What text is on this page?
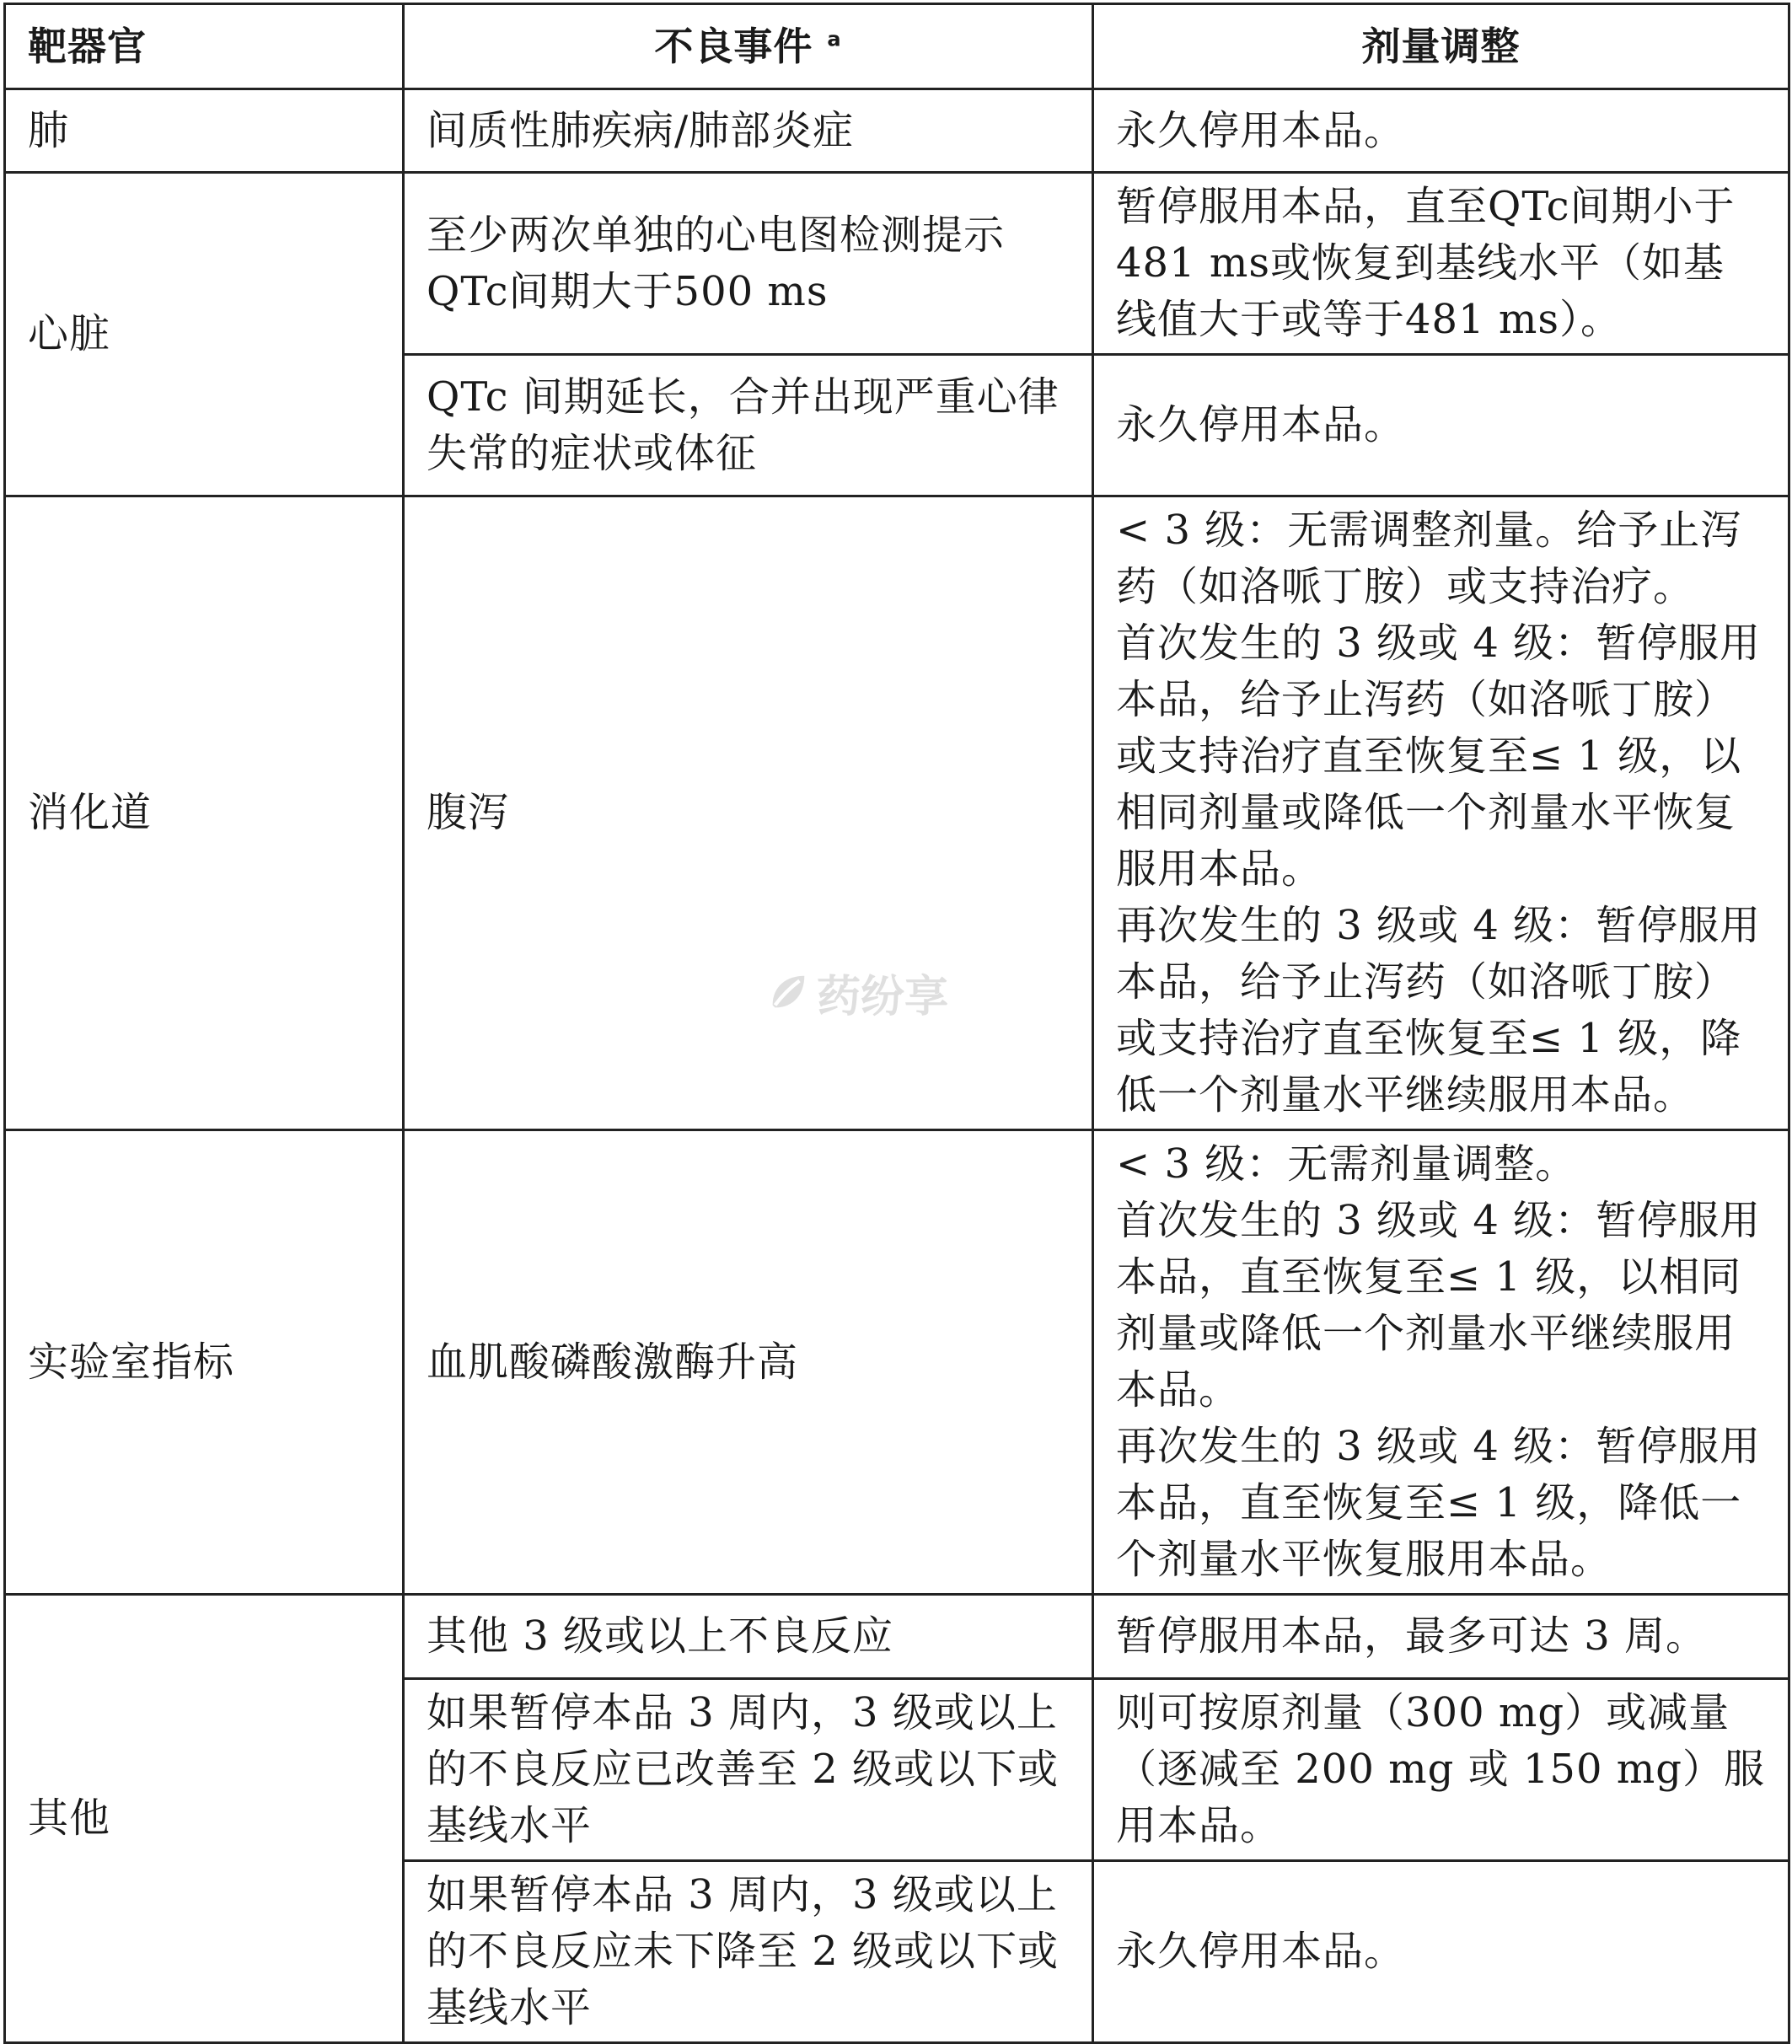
靶器官	不良事件 $^a$	剂量调整
肺	间质性肺疾病/肺部炎症	永久停用本品。
心脏	至少两次单独的心电图检测提示QTc间期大于500 ms	暂停服用本品，直至QTc间期小于481 ms或恢复到基线水平（如基线值大于或等于481 ms）。
	QTc 间期延长，合并出现严重心律失常的症状或体征	永久停用本品。
消化道	腹泻	< 3 级：无需调整剂量。给予止泻药（如洛哌丁胺）或支持治疗。
首次发生的 3 级或 4 级：暂停服用本品，给予止泻药（如洛哌丁胺）或支持治疗直至恢复至≤ 1 级，以相同剂量或降低一个剂量水平恢复服用本品。
再次发生的 3 级或 4 级：暂停服用本品，给予止泻药（如洛哌丁胺）或支持治疗直至恢复至≤ 1 级，降低一个剂量水平继续服用本品。

实验室指标	血肌酸磷酸激酶升高	< 3 级：无需剂量调整。
首次发生的 3 级或 4 级：暂停服用本品，直至恢复至≤ 1 级，以相同剂量或降低一个剂量水平继续服用本品。
再次发生的 3 级或 4 级：暂停服用本品，直至恢复至≤ 1 级，降低一个剂量水平恢复服用本品。

其他	其他 3 级或以上不良反应	暂停服用本品，最多可达 3 周。
	如果暂停本品 3 周内，3 级或以上的不良反应已改善至 2 级或以下或基线水平	则可按原剂量（300 mg）或减量（逐减至 200 mg 或 150 mg）服用本品。
	如果暂停本品 3 周内，3 级或以上的不良反应未下降至 2 级或以下或基线水平	永久停用本品。
药纷享
